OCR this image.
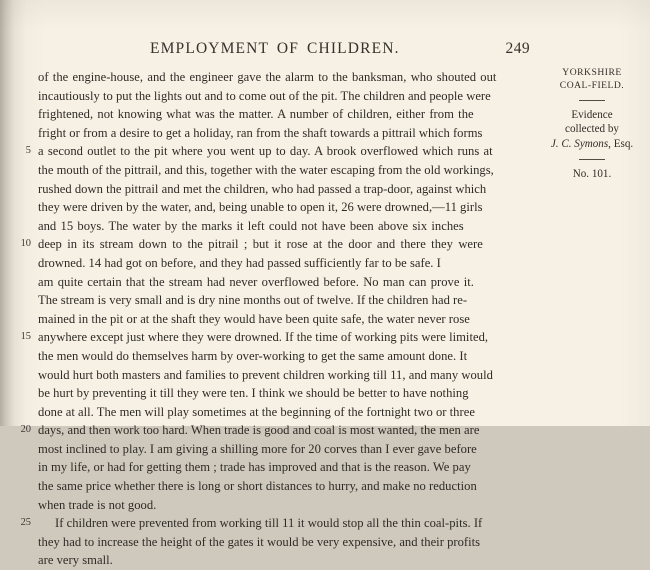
EMPLOYMENT OF CHILDREN.	249
of the engine-house, and the engineer gave the alarm to the banksman, who shouted out
incautiously to put the lights out and to come out of the pit. The children and people were
frightened, not knowing what was the matter. A number of children, either from the
fright or from a desire to get a holiday, ran from the shaft towards a pittrail which forms
5 a second outlet to the pit where you went up to day. A brook overflowed which runs at
the mouth of the pittrail, and this, together with the water escaping from the old workings,
rushed down the pittrail and met the children, who had passed a trap-door, against which
they were driven by the water, and, being unable to open it, 26 were drowned,—11 girls
and 15 boys. The water by the marks it left could not have been above six inches
10 deep in its stream down to the pitrail ; but it rose at the door and there they were
drowned. 14 had got on before, and they had passed sufficiently far to be safe. I
am quite certain that the stream had never overflowed before. No man can prove it.
The stream is very small and is dry nine months out of twelve. If the children had re-
mained in the pit or at the shaft they would have been quite safe, the water never rose
15 anywhere except just where they were drowned. If the time of working pits were limited,
the men would do themselves harm by over-working to get the same amount done. It
would hurt both masters and families to prevent children working till 11, and many would
be hurt by preventing it till they were ten. I think we should be better to have nothing
done at all. The men will play sometimes at the beginning of the fortnight two or three
20 days, and then work too hard. When trade is good and coal is most wanted, the men are
most inclined to play. I am giving a shilling more for 20 corves than I ever gave before
in my life, or had for getting them ; trade has improved and that is the reason. We pay
the same price whether there is long or short distances to hurry, and make no reduction
when trade is not good.
25	If children were prevented from working till 11 it would stop all the thin coal-pits. If
they had to increase the height of the gates it would be very expensive, and their profits
are very small.
YORKSHIRE
COAL-FIELD.
Evidence
collected by
J. C. Symons, Esq.
No. 101.
